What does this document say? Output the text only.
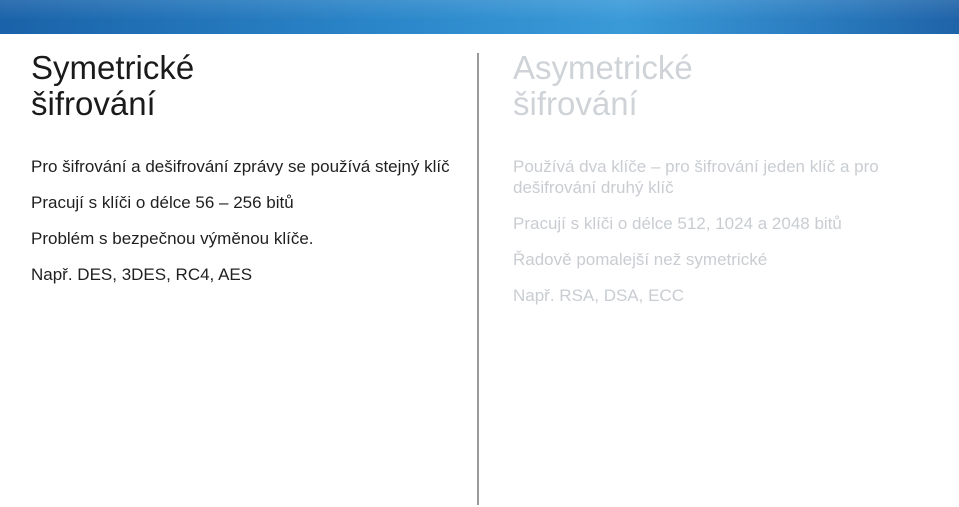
Symetrické šifrování
Pro šifrování a dešifrování zprávy se používá stejný klíč
Pracují s klíči o délce 56 – 256 bitů
Problém s bezpečnou výměnou klíče.
Např. DES, 3DES, RC4, AES
Asymetrické šifrování
Používá dva klíče – pro šifrování jeden klíč a pro dešifrování druhý klíč
Pracují s klíči o délce 512, 1024 a 2048 bitů
Řadově pomalejší než symetrické
Např. RSA, DSA, ECC
